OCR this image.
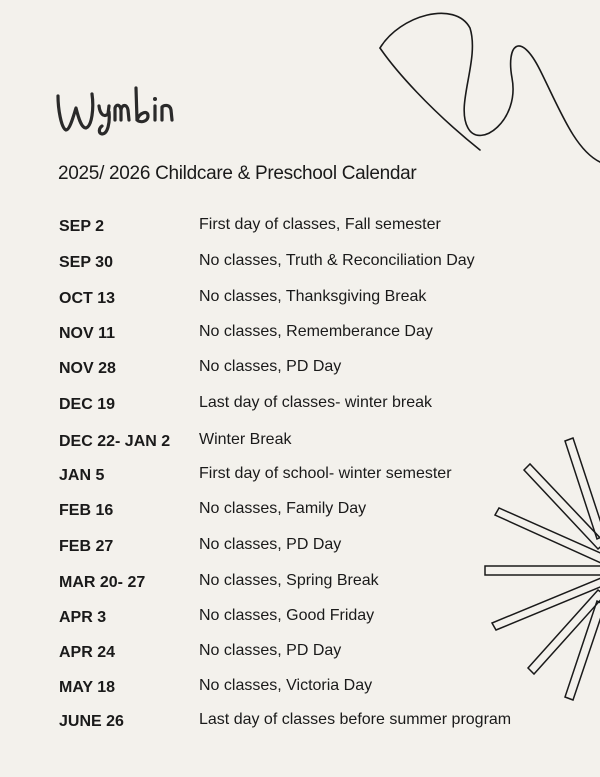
2025/ 2026 Childcare & Preschool Calendar
SEP 2	First day of classes, Fall semester
SEP 30	No classes, Truth & Reconciliation Day
OCT 13	No classes, Thanksgiving Break
NOV 11	No classes, Rememberance Day
NOV 28	No classes, PD Day
DEC 19	Last day of classes- winter break
DEC 22- JAN 2 Winter Break
JAN 5	First day of school- winter semester
FEB 16	No classes, Family Day
FEB 27	No classes, PD Day
MAR 20- 27	No classes, Spring Break
APR 3	No classes, Good Friday
APR 24	No classes, PD Day
MAY 18	No classes, Victoria Day
JUNE 26	Last day of classes before summer program
